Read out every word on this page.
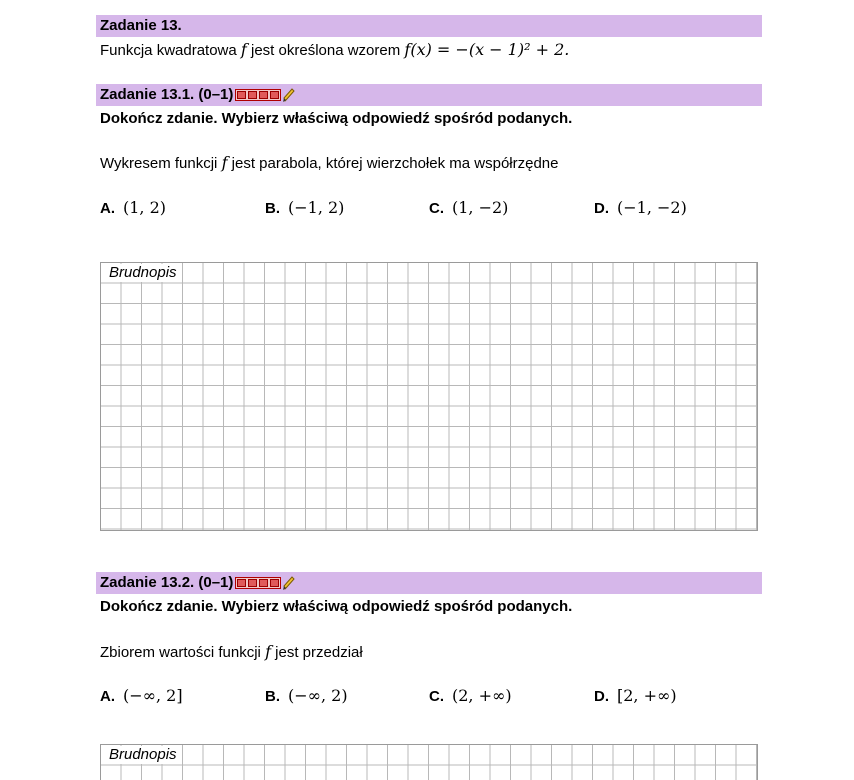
Zadanie 13.
Funkcja kwadratowa f jest określona wzorem f(x) = −(x − 1)² + 2.
Zadanie 13.1. (0–1)
Dokończ zdanie. Wybierz właściwą odpowiedź spośród podanych.
Wykresem funkcji f jest parabola, której wierzchołek ma współrzędne
A. (1, 2)	B. (−1, 2)	C. (1, −2)	D. (−1, −2)
Brudnopis
Zadanie 13.2. (0–1)
Dokończ zdanie. Wybierz właściwą odpowiedź spośród podanych.
Zbiorem wartości funkcji f jest przedział
A. (−∞, 2]	B. (−∞, 2)	C. (2, +∞)	D. [2, +∞)
Brudnopis
